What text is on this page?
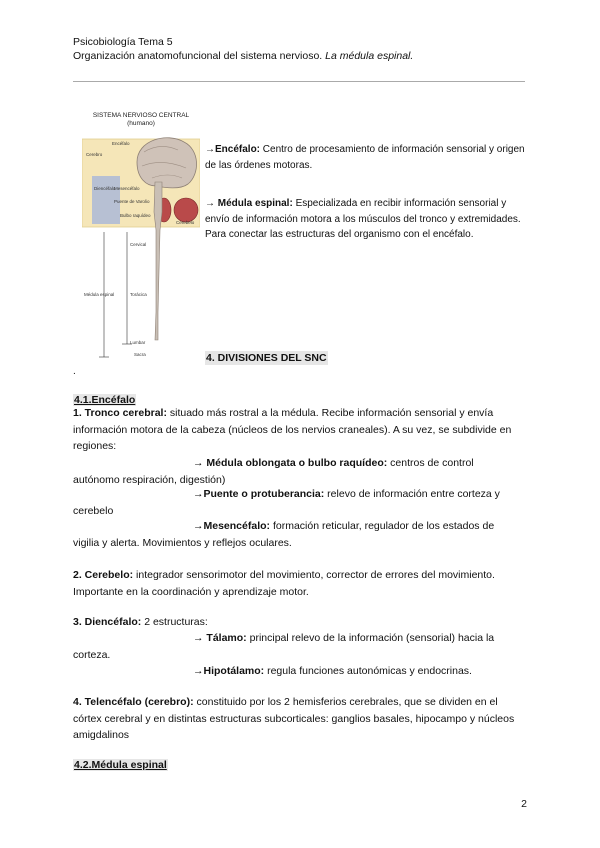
Psicobiología Tema 5
Organización anatomofuncional del sistema nervioso. La médula espinal.
SISTEMA NERVIOSO CENTRAL
(humano)
Encéfalo
Cerebro
Diencéfalo
Mesencéfalo
Puente de Varolio
Bulbo raquídeo
Cerebelo
Cervical
Médula espinal	Torácica
Lumbar
Sacra
→Encéfalo: Centro de procesamiento de información sensorial y origen de las órdenes motoras.
→ Médula espinal: Especializada en recibir información sensorial y envío de información motora a los músculos del tronco y extremidades. Para conectar las estructuras del organismo con el encéfalo.
4. DIVISIONES DEL SNC
.
4.1.Encéfalo
1. Tronco cerebral: situado más rostral a la médula. Recibe información sensorial y envía información motora de la cabeza (núcleos de los nervios craneales). A su vez, se subdivide en regiones:
→ Médula oblongata o bulbo raquídeo: centros de control autónomo respiración, digestión)
→Puente o protuberancia: relevo de información entre corteza y cerebelo
→Mesencéfalo: formación reticular, regulador de los estados de vigilia y alerta. Movimientos y reflejos oculares.
2. Cerebelo: integrador sensorimotor del movimiento, corrector de errores del movimiento. Importante en la coordinación y aprendizaje motor.
3. Diencéfalo: 2 estructuras:
→ Tálamo: principal relevo de la información (sensorial) hacia la corteza.
→Hipotálamo: regula funciones autonómicas y endocrinas.
4. Telencéfalo (cerebro): constituido por los 2 hemisferios cerebrales, que se dividen en el córtex cerebral y en distintas estructuras subcorticales: ganglios basales, hipocampo y núcleos amigdalinos
4.2.Médula espinal
2
